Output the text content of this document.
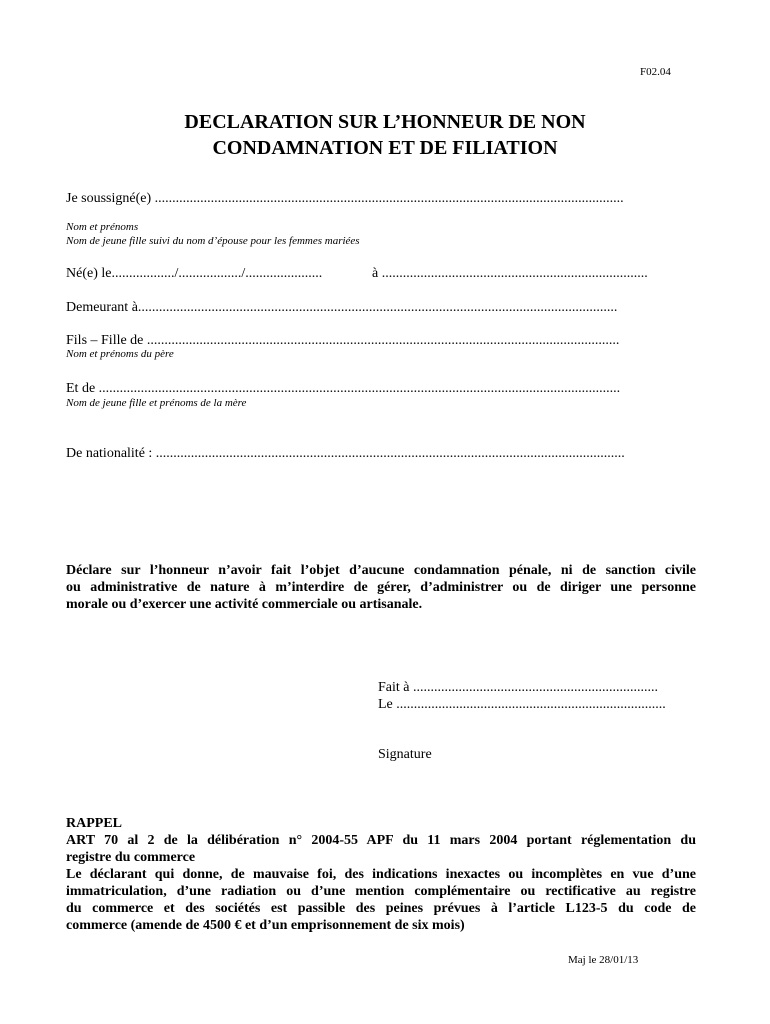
F02.04
DECLARATION SUR L’HONNEUR DE NON
CONDAMNATION ET DE FILIATION
Je soussigné(e) ......................................................................................................................................
Nom et prénoms
Nom de jeune fille suivi du nom d’épouse pour les femmes mariées
Né(e) le................../................../......................	à ............................................................................
Demeurant à.........................................................................................................................................
Fils – Fille de .......................................................................................................................................
Nom et prénoms du père
Et de .....................................................................................................................................................
Nom de jeune fille et prénoms de la mère
De nationalité : ......................................................................................................................................
Déclare sur l’honneur n’avoir fait l’objet d’aucune condamnation pénale, ni de sanction civile
ou administrative de nature à m’interdire de gérer, d’administrer ou de diriger une personne
morale ou d’exercer une activité commerciale ou artisanale.
Fait à ......................................................................
Le .............................................................................
Signature
RAPPEL
ART 70 al 2 de la délibération n° 2004-55 APF du 11 mars 2004 portant réglementation du
registre du commerce
Le déclarant qui donne, de mauvaise foi, des indications inexactes ou incomplètes en vue d’une
immatriculation, d’une radiation ou d’une mention complémentaire ou rectificative au registre
du commerce et des sociétés est passible des peines prévues à l’article L123-5 du code de
commerce (amende de 4500 € et d’un emprisonnement de six mois)
Maj le 28/01/13
